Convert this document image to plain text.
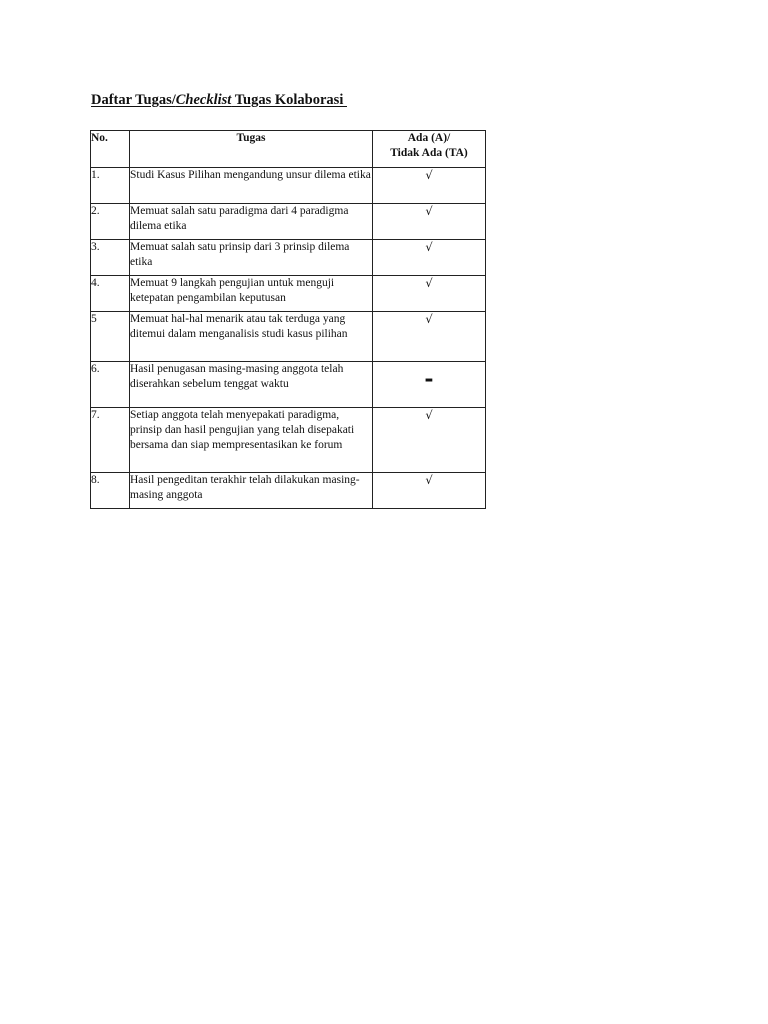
Daftar Tugas/Checklist Tugas Kolaborasi
No.	Tugas	Ada (A)/
Tidak Ada (TA)

1.	Studi Kasus Pilihan mengandung unsur dilema etika	√
2.	Memuat salah satu paradigma dari 4 paradigma dilema etika	√
3.	Memuat salah satu prinsip dari 3 prinsip dilema etika	√
4.	Memuat 9 langkah pengujian untuk menguji ketepatan pengambilan keputusan	√
5	Memuat hal-hal menarik atau tak terduga yang ditemui dalam menganalisis studi kasus pilihan	√
6.	Hasil penugasan masing-masing anggota telah diserahkan sebelum tenggat waktu	-
7.	Setiap anggota telah menyepakati paradigma, prinsip dan hasil pengujian yang telah disepakati bersama dan siap mempresentasikan ke forum	√
8.	Hasil pengeditan terakhir telah dilakukan masing-masing anggota	√
